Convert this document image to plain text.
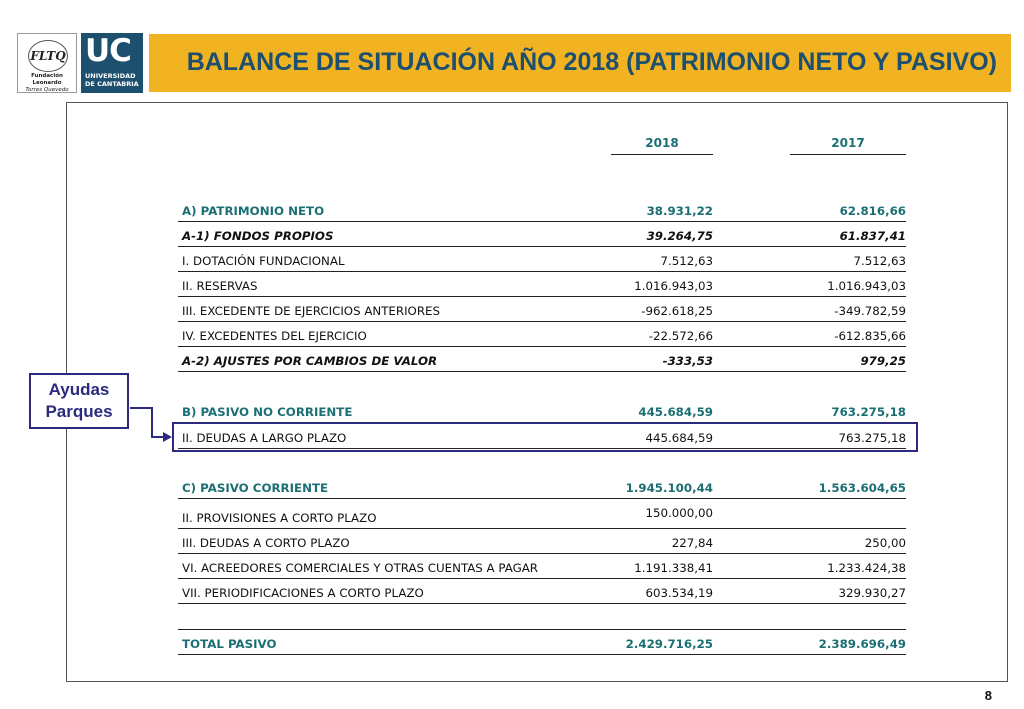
FLTQ
Fundación Leonardo
Torres Quevedo
UC
UNIVERSIDAD
DE CANTABRIA
BALANCE DE SITUACIÓN AÑO 2018 (PATRIMONIO NETO Y PASIVO)
2018	2017
A) PATRIMONIO NETO	38.931,22	62.816,66
A-1) FONDOS PROPIOS	39.264,75	61.837,41
I. DOTACIÓN FUNDACIONAL	7.512,63	7.512,63
II. RESERVAS	1.016.943,03	1.016.943,03
III. EXCEDENTE DE EJERCICIOS ANTERIORES	-962.618,25	-349.782,59
IV. EXCEDENTES DEL EJERCICIO	-22.572,66	-612.835,66
A-2) AJUSTES POR CAMBIOS DE VALOR	-333,53	979,25
B) PASIVO NO CORRIENTE	445.684,59	763.275,18
II. DEUDAS A LARGO PLAZO	445.684,59	763.275,18
C) PASIVO CORRIENTE	1.945.100,44	1.563.604,65
II. PROVISIONES A CORTO PLAZO	150.000,00
III. DEUDAS A CORTO PLAZO	227,84	250,00
VI. ACREEDORES COMERCIALES Y OTRAS CUENTAS A PAGAR	1.191.338,41	1.233.424,38
VII. PERIODIFICACIONES A CORTO PLAZO	603.534,19	329.930,27
TOTAL PASIVO	2.429.716,25	2.389.696,49
Ayudas
Parques
8
